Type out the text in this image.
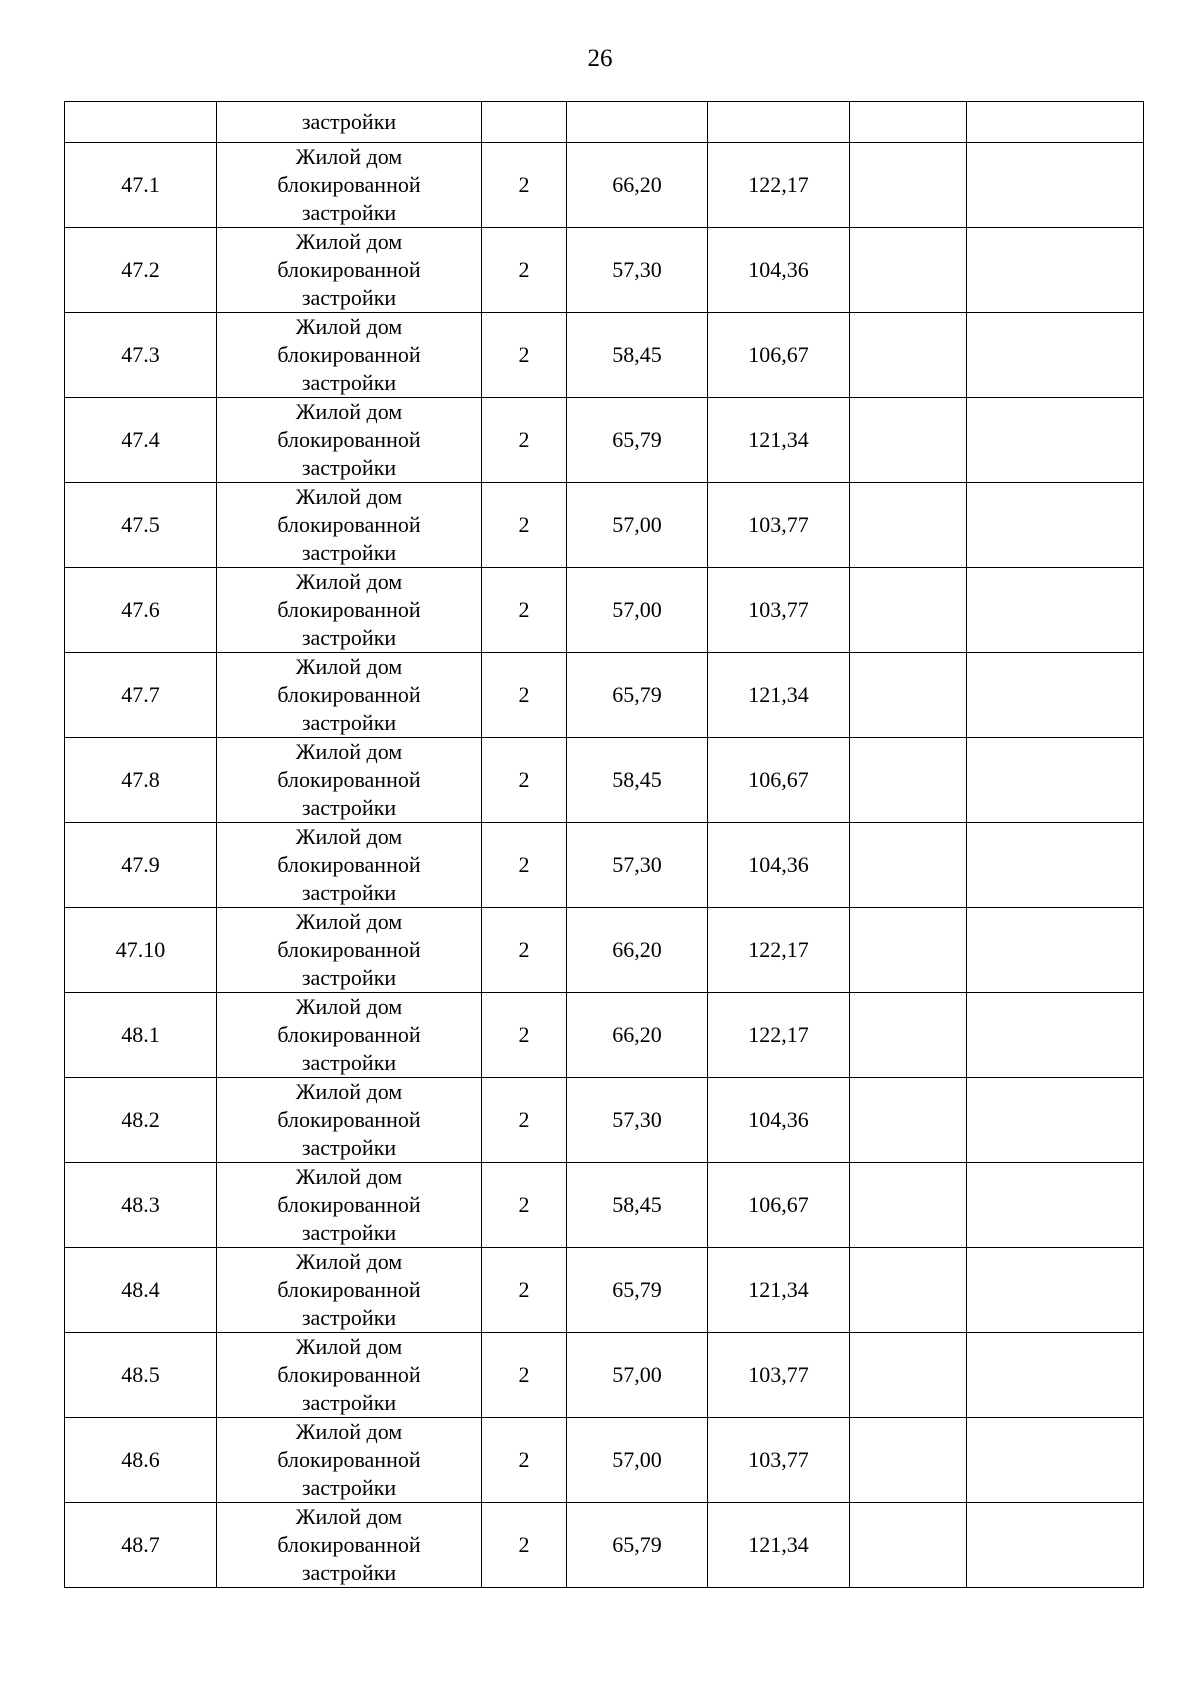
26
	застройки					
47.1	Жилой дом
блокированной
застройки	2	66,20	122,17		
47.2	Жилой дом
блокированной
застройки	2	57,30	104,36		
47.3	Жилой дом
блокированной
застройки	2	58,45	106,67		
47.4	Жилой дом
блокированной
застройки	2	65,79	121,34		
47.5	Жилой дом
блокированной
застройки	2	57,00	103,77		
47.6	Жилой дом
блокированной
застройки	2	57,00	103,77		
47.7	Жилой дом
блокированной
застройки	2	65,79	121,34		
47.8	Жилой дом
блокированной
застройки	2	58,45	106,67		
47.9	Жилой дом
блокированной
застройки	2	57,30	104,36		
47.10	Жилой дом
блокированной
застройки	2	66,20	122,17		
48.1	Жилой дом
блокированной
застройки	2	66,20	122,17		
48.2	Жилой дом
блокированной
застройки	2	57,30	104,36		
48.3	Жилой дом
блокированной
застройки	2	58,45	106,67		
48.4	Жилой дом
блокированной
застройки	2	65,79	121,34		
48.5	Жилой дом
блокированной
застройки	2	57,00	103,77		
48.6	Жилой дом
блокированной
застройки	2	57,00	103,77		
48.7	Жилой дом
блокированной
застройки	2	65,79	121,34		
